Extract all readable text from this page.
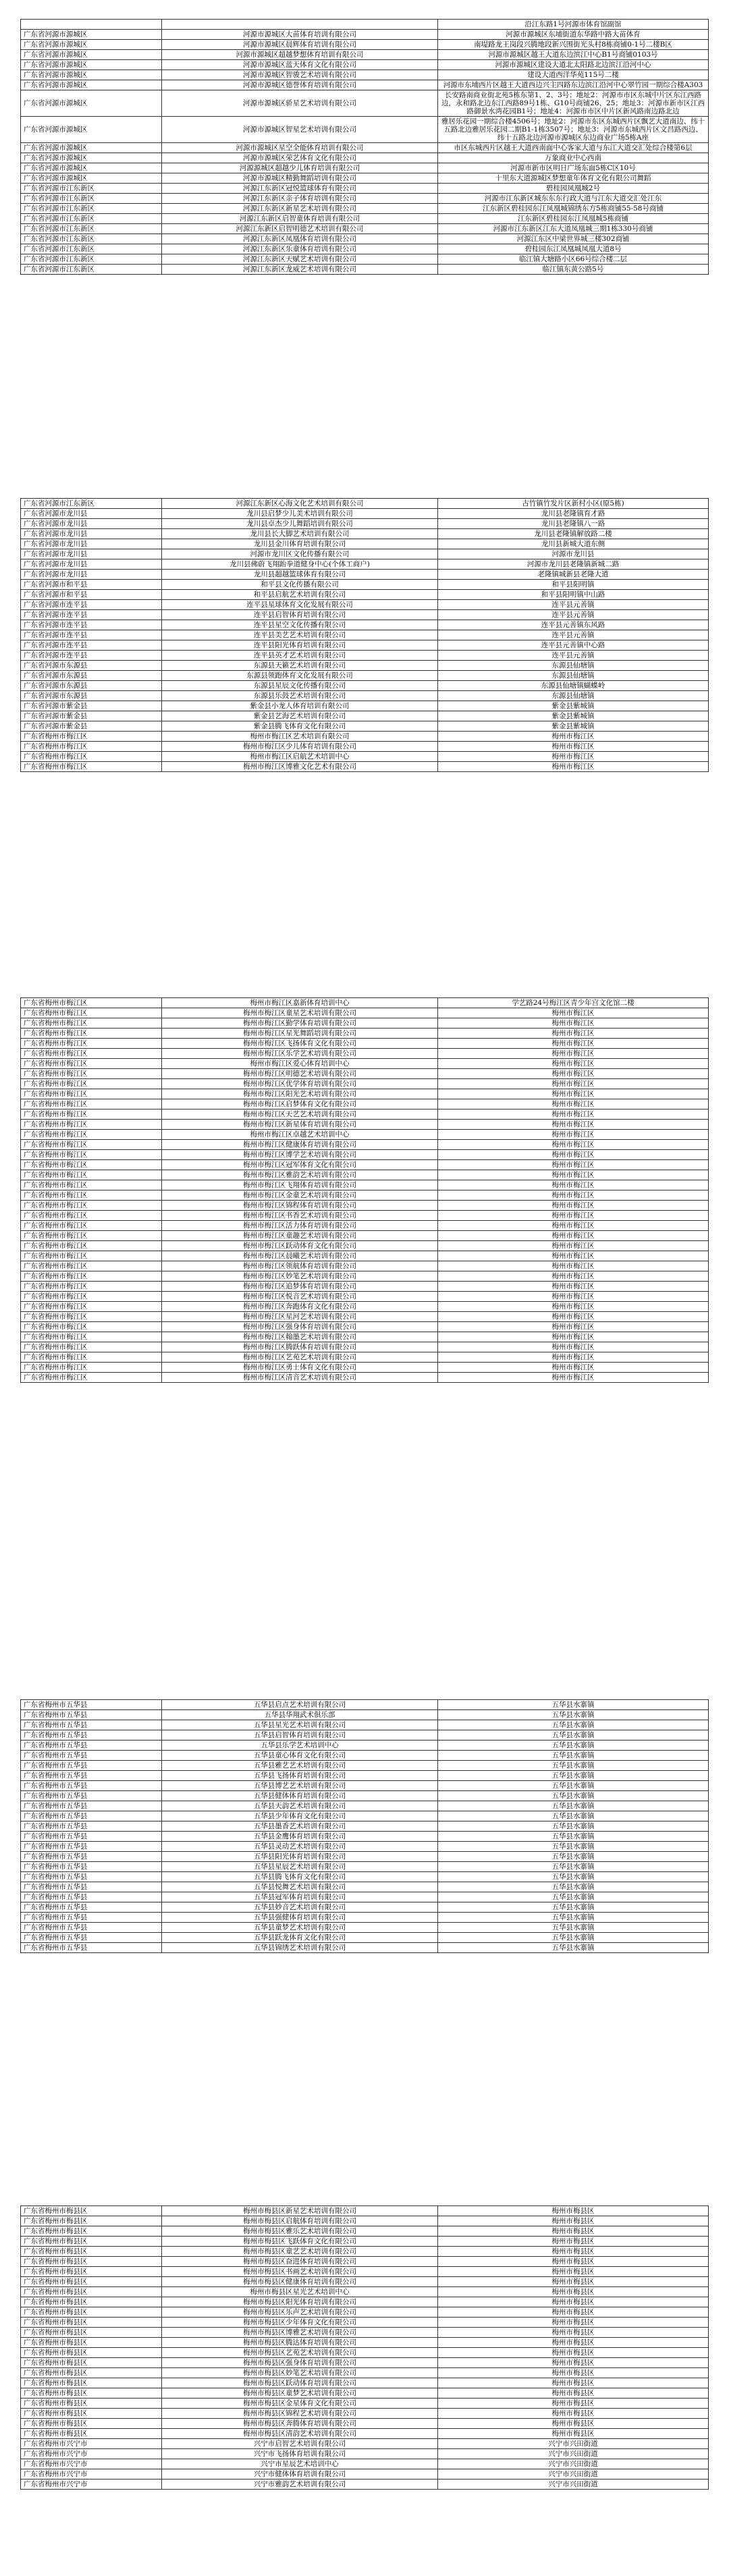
		沿江东路1号河源市体育馆副馆
广东省河源市源城区	河源市源城区大苗体育培训有限公司	河源市源城区东埔街道东华路中路大苗体育
广东省河源市源城区	河源市源城区晨辉体育培训有限公司	南堤路龙王岗段兴腾地段新兴围街光头村8栋商铺0-1号二楼B区
广东省河源市源城区	河源市源城区超越梦想体育培训有限公司	河源市源城区越王大道东边滨江中心B1号商铺0103号
广东省河源市源城区	河源市源城区蓝天体育文化有限公司	河源市源城区建设大道北太阳路北边滨江沿河中心
广东省河源市源城区	河源市源城区智骏艺术培训有限公司	建设大道西洋华苑115号二楼
广东省河源市源城区	河源市源城区德誉体育培训有限公司	河源市东埔西片区越王大道西边兴主四路东边滨江沿河中心翠竹园一期综合楼A303
广东省河源市源城区	河源市源城区骄星艺术培训有限公司	长安路南商业街北苑5栋东第1、2、3号；地址2：河源市市区东城中片区东江西路边，永和路北边东江西路89号1栋、G10号商铺26、25；地址3：河源市新市区江西路御景水湾花园B1号；地址4：河源市市区中片区新风路南边路北边
广东省河源市源城区	河源市源城区智星艺术培训有限公司	雅居乐花园一期综合楼4506号；地址2：河源市东区东城西片区飘艺大道南边、纬十五路北边雅居乐花园二期B1-1栋3507号；地址3：河源市东城西片区文昌路西边、纬十五路北边河源市源城区东边商业广场5栋A座
广东省河源市源城区	河源市源城区星空全能体育培训有限公司	市区东城西片区越王大道西南面中心客家大道与东江大道交汇处综合楼第6层
广东省河源市源城区	河源市源城区荣艺体育文化有限公司	万象商业中心西南
广东省河源市源城区	河源源城区超越少儿体育培训有限公司	河源市新市区明日广场东面5栋C区10号
广东省河源市源城区	河源市源城区精勤舞蹈培训有限公司	十里东大道源城区梦想童年体育文化有限公司舞蹈
广东省河源市江东新区	河源江东新区冠悦篮球体育有限公司	碧桂园凤凰城2号
广东省河源市江东新区	河源江东新区亲子体育培训有限公司	河源市江东新区城东东东行政大道与江东大道交汇处江东
广东省河源市江东新区	河源江东新区新星艺术培训有限公司	江东新区碧桂园东江凤凰城锦绣东方5栋商铺55-58号商铺
广东省河源市江东新区	河源江东新区启智童体育培训有限公司	江东新区碧桂园东江凤凰城5栋商铺
广东省河源市江东新区	河源江东新区启智明德艺术培训有限公司	河源市江东新区江东大道凤凰城三期1栋330号商铺
广东省河源市江东新区	河源江东新区凤凰体育培训有限公司	河源江东区中梁世界城三楼302商铺
广东省河源市江东新区	河源江东新区乐童体育培训有限公司	碧桂园东江凤凰城凤凰大道8号
广东省河源市江东新区	河源江东新区天赋艺术培训有限公司	临江镇大塘路小区66号综合楼二层
广东省河源市江东新区	河源江东新区龙威艺术培训有限公司	临江镇东黄公路5号
广东省河源市江东新区	河源江东新区心海文化艺术培训有限公司	古竹镇竹发片区新村小区(原5栋)
广东省河源市龙川县	龙川县启梦少儿美术培训有限公司	龙川县老隆镇育才路
广东省河源市龙川县	龙川县卓杰少儿舞蹈培训有限公司	龙川县老隆镇八一路
广东省河源市龙川县	龙川县长大脚艺术培训有限公司	龙川县老隆镇解放路二楼
广东省河源市龙川县	龙川县金川体育培训有限公司	龙川县新城大道东侧
广东省河源市龙川县	河源市龙川区文化传播有限公司	河源市龙川县
广东省河源市龙川县	龙川县佛蔚飞翔跆拳道健身中心(个体工商户)	河源市龙川县老隆镇新城二路
广东省河源市龙川县	龙川县超越篮球体育有限公司	老隆镇城新县老隆大道
广东省河源市和平县	和平县文化传播有限公司	和平县阳明镇
广东省河源市和平县	和平县启航艺术培训有限公司	和平县阳明镇中山路
广东省河源市连平县	连平县星球体育文化发展有限公司	连平县元善镇
广东省河源市连平县	连平县启智体育培训有限公司	连平县元善镇
广东省河源市连平县	连平县星空文化传播有限公司	连平县元善镇东风路
广东省河源市连平县	连平县美艺艺术培训有限公司	连平县元善镇
广东省河源市连平县	连平县阳光体育培训有限公司	连平县元善镇中心路
广东省河源市连平县	连平县英才艺术培训有限公司	连平县元善镇
广东省河源市东源县	东源县天籁艺术培训有限公司	东源县仙塘镇
广东省河源市东源县	东源县领跑体育文化发展有限公司	东源县仙塘镇
广东省河源市东源县	东源县星辰文化传播有限公司	东源县仙塘镇蝴蝶岭
广东省河源市东源县	东源县乐鼓艺术培训有限公司	东源县仙塘镇
广东省河源市紫金县	紫金县小龙人体育培训有限公司	紫金县紫城镇
广东省河源市紫金县	紫金县艺海艺术培训有限公司	紫金县紫城镇
广东省河源市紫金县	紫金县腾飞体育文化有限公司	紫金县紫城镇
广东省梅州市梅江区	梅州市梅江区艺术培训有限公司	梅州市梅江区
广东省梅州市梅江区	梅州市梅江区少儿体育培训有限公司	梅州市梅江区
广东省梅州市梅江区	梅州市梅江区启航艺术培训中心	梅州市梅江区
广东省梅州市梅江区	梅州市梅江区博雅文化艺术有限公司	梅州市梅江区
广东省梅州市梅江区	梅州市梅江区嘉新体育培训中心	学艺路24号梅江区青少年宫文化馆二楼
广东省梅州市梅江区	梅州市梅江区童星艺术培训有限公司	梅州市梅江区
广东省梅州市梅江区	梅州市梅江区勤学体育培训有限公司	梅州市梅江区
广东省梅州市梅江区	梅州市梅江区星光舞蹈培训有限公司	梅州市梅江区
广东省梅州市梅江区	梅州市梅江区飞扬体育文化有限公司	梅州市梅江区
广东省梅州市梅江区	梅州市梅江区乐学艺术培训有限公司	梅州市梅江区
广东省梅州市梅江区	梅州市梅江区爱心体育培训中心	梅州市梅江区
广东省梅州市梅江区	梅州市梅江区明德艺术培训有限公司	梅州市梅江区
广东省梅州市梅江区	梅州市梅江区优学体育培训有限公司	梅州市梅江区
广东省梅州市梅江区	梅州市梅江区阳光艺术培训有限公司	梅州市梅江区
广东省梅州市梅江区	梅州市梅江区启梦体育文化有限公司	梅州市梅江区
广东省梅州市梅江区	梅州市梅江区天艺艺术培训有限公司	梅州市梅江区
广东省梅州市梅江区	梅州市梅江区新星体育培训有限公司	梅州市梅江区
广东省梅州市梅江区	梅州市梅江区卓越艺术培训中心	梅州市梅江区
广东省梅州市梅江区	梅州市梅江区健康体育培训有限公司	梅州市梅江区
广东省梅州市梅江区	梅州市梅江区博学艺术培训有限公司	梅州市梅江区
广东省梅州市梅江区	梅州市梅江区冠军体育文化有限公司	梅州市梅江区
广东省梅州市梅江区	梅州市梅江区雅韵艺术培训有限公司	梅州市梅江区
广东省梅州市梅江区	梅州市梅江区飞翔体育培训有限公司	梅州市梅江区
广东省梅州市梅江区	梅州市梅江区金童艺术培训有限公司	梅州市梅江区
广东省梅州市梅江区	梅州市梅江区锦程体育培训有限公司	梅州市梅江区
广东省梅州市梅江区	梅州市梅江区书香艺术培训有限公司	梅州市梅江区
广东省梅州市梅江区	梅州市梅江区活力体育培训有限公司	梅州市梅江区
广东省梅州市梅江区	梅州市梅江区童趣艺术培训有限公司	梅州市梅江区
广东省梅州市梅江区	梅州市梅江区跃动体育文化有限公司	梅州市梅江区
广东省梅州市梅江区	梅州市梅江区晨曦艺术培训有限公司	梅州市梅江区
广东省梅州市梅江区	梅州市梅江区领航体育培训有限公司	梅州市梅江区
广东省梅州市梅江区	梅州市梅江区妙笔艺术培训有限公司	梅州市梅江区
广东省梅州市梅江区	梅州市梅江区追梦体育培训有限公司	梅州市梅江区
广东省梅州市梅江区	梅州市梅江区悦音艺术培训有限公司	梅州市梅江区
广东省梅州市梅江区	梅州市梅江区奔跑体育文化有限公司	梅州市梅江区
广东省梅州市梅江区	梅州市梅江区星河艺术培训有限公司	梅州市梅江区
广东省梅州市梅江区	梅州市梅江区强身体育培训有限公司	梅州市梅江区
广东省梅州市梅江区	梅州市梅江区翰墨艺术培训有限公司	梅州市梅江区
广东省梅州市梅江区	梅州市梅江区腾跃体育培训有限公司	梅州市梅江区
广东省梅州市梅江区	梅州市梅江区艺苑艺术培训有限公司	梅州市梅江区
广东省梅州市梅江区	梅州市梅江区勇士体育文化有限公司	梅州市梅江区
广东省梅州市梅江区	梅州市梅江区清音艺术培训有限公司	梅州市梅江区
广东省梅州市五华县	五华县启点艺术培训有限公司	五华县水寨镇
广东省梅州市五华县	五华县华翔武术俱乐部	五华县水寨镇
广东省梅州市五华县	五华县星光艺术培训有限公司	五华县水寨镇
广东省梅州市五华县	五华县启智体育培训有限公司	五华县水寨镇
广东省梅州市五华县	五华县乐学艺术培训中心	五华县水寨镇
广东省梅州市五华县	五华县童心体育文化有限公司	五华县水寨镇
广东省梅州市五华县	五华县雅艺艺术培训有限公司	五华县水寨镇
广东省梅州市五华县	五华县飞扬体育培训有限公司	五华县水寨镇
广东省梅州市五华县	五华县博艺艺术培训有限公司	五华县水寨镇
广东省梅州市五华县	五华县健体体育培训有限公司	五华县水寨镇
广东省梅州市五华县	五华县天韵艺术培训有限公司	五华县水寨镇
广东省梅州市五华县	五华县少年体育文化有限公司	五华县水寨镇
广东省梅州市五华县	五华县墨香艺术培训有限公司	五华县水寨镇
广东省梅州市五华县	五华县金鹰体育培训有限公司	五华县水寨镇
广东省梅州市五华县	五华县灵动艺术培训有限公司	五华县水寨镇
广东省梅州市五华县	五华县阳光体育培训有限公司	五华县水寨镇
广东省梅州市五华县	五华县星辰艺术培训有限公司	五华县水寨镇
广东省梅州市五华县	五华县腾飞体育文化有限公司	五华县水寨镇
广东省梅州市五华县	五华县悦舞艺术培训有限公司	五华县水寨镇
广东省梅州市五华县	五华县冠军体育培训有限公司	五华县水寨镇
广东省梅州市五华县	五华县妙音艺术培训有限公司	五华县水寨镇
广东省梅州市五华县	五华县强健体育培训有限公司	五华县水寨镇
广东省梅州市五华县	五华县童梦艺术培训有限公司	五华县水寨镇
广东省梅州市五华县	五华县跃龙体育文化有限公司	五华县水寨镇
广东省梅州市五华县	五华县锦绣艺术培训有限公司	五华县水寨镇
广东省梅州市梅县区	梅州市梅县区新星艺术培训有限公司	梅州市梅县区
广东省梅州市梅县区	梅州市梅县区启航体育培训有限公司	梅州市梅县区
广东省梅州市梅县区	梅州市梅县区雅乐艺术培训有限公司	梅州市梅县区
广东省梅州市梅县区	梅州市梅县区飞跃体育文化有限公司	梅州市梅县区
广东省梅州市梅县区	梅州市梅县区童艺艺术培训有限公司	梅州市梅县区
广东省梅州市梅县区	梅州市梅县区奋进体育培训有限公司	梅州市梅县区
广东省梅州市梅县区	梅州市梅县区书画艺术培训有限公司	梅州市梅县区
广东省梅州市梅县区	梅州市梅县区健康体育培训有限公司	梅州市梅县区
广东省梅州市梅县区	梅州市梅县区星光艺术培训中心	梅州市梅县区
广东省梅州市梅县区	梅州市梅县区阳光体育培训有限公司	梅州市梅县区
广东省梅州市梅县区	梅州市梅县区乐声艺术培训有限公司	梅州市梅县区
广东省梅州市梅县区	梅州市梅县区少年体育文化有限公司	梅州市梅县区
广东省梅州市梅县区	梅州市梅县区博雅艺术培训有限公司	梅州市梅县区
广东省梅州市梅县区	梅州市梅县区腾达体育培训有限公司	梅州市梅县区
广东省梅州市梅县区	梅州市梅县区艺苑艺术培训有限公司	梅州市梅县区
广东省梅州市梅县区	梅州市梅县区强身体育培训有限公司	梅州市梅县区
广东省梅州市梅县区	梅州市梅县区妙笔艺术培训有限公司	梅州市梅县区
广东省梅州市梅县区	梅州市梅县区跃动体育培训有限公司	梅州市梅县区
广东省梅州市梅县区	梅州市梅县区童梦艺术培训有限公司	梅州市梅县区
广东省梅州市梅县区	梅州市梅县区金星体育文化有限公司	梅州市梅县区
广东省梅州市梅县区	梅州市梅县区锦程艺术培训有限公司	梅州市梅县区
广东省梅州市梅县区	梅州市梅县区奔腾体育培训有限公司	梅州市梅县区
广东省梅州市梅县区	梅州市梅县区清韵艺术培训有限公司	梅州市梅县区
广东省梅州市兴宁市	兴宁市启智艺术培训有限公司	兴宁市兴田街道
广东省梅州市兴宁市	兴宁市飞扬体育培训有限公司	兴宁市兴田街道
广东省梅州市兴宁市	兴宁市星辰艺术培训中心	兴宁市兴田街道
广东省梅州市兴宁市	兴宁市健体体育培训有限公司	兴宁市兴田街道
广东省梅州市兴宁市	兴宁市雅韵艺术培训有限公司	兴宁市兴田街道
